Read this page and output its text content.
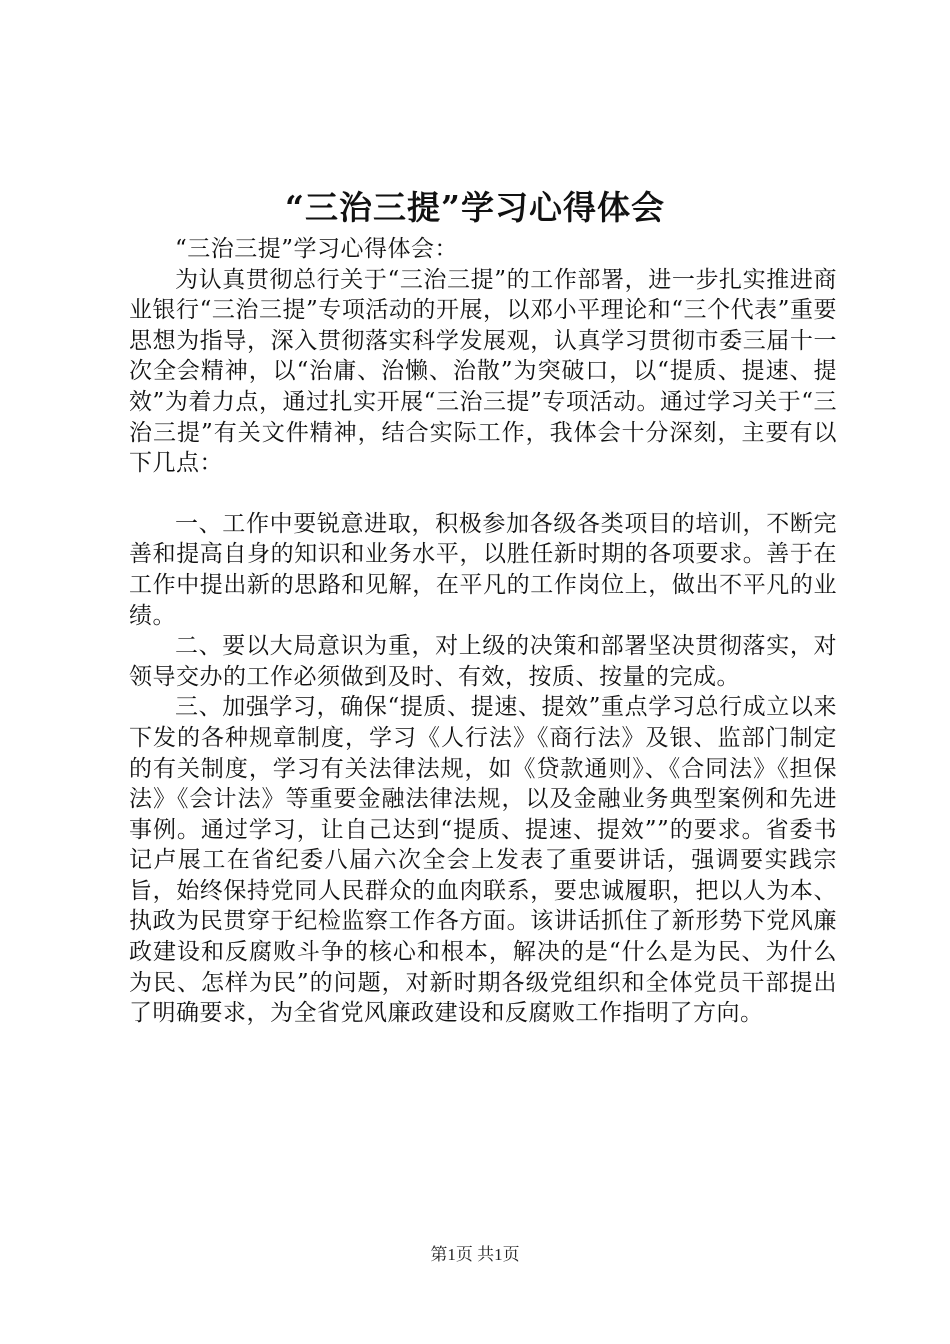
“三治三提”学习心得体会

“三治三提”学习心得体会：

为认真贯彻总行关于“三治三提”的工作部署，进一步扎实推进商业银行“三治三提”专项活动的开展，以邓小平理论和“三个代表”重要思想为指导，深入贯彻落实科学发展观，认真学习贯彻市委三届十一次全会精神，以“治庸、治懒、治散”为突破口，以“提质、提速、提效”为着力点，通过扎实开展“三治三提”专项活动。通过学习关于“三治三提”有关文件精神，结合实际工作，我体会十分深刻，主要有以下几点：

一、工作中要锐意进取，积极参加各级各类项目的培训，不断完善和提高自身的知识和业务水平，以胜任新时期的各项要求。善于在工作中提出新的思路和见解，在平凡的工作岗位上，做出不平凡的业绩。

二、要以大局意识为重，对上级的决策和部署坚决贯彻落实，对领导交办的工作必须做到及时、有效，按质、按量的完成。

三、加强学习，确保“提质、提速、提效”重点学习总行成立以来下发的各种规章制度，学习《人行法》《商行法》及银、监部门制定的有关制度，学习有关法律法规，如《贷款通则》、《合同法》《担保法》《会计法》等重要金融法律法规，以及金融业务典型案例和先进事例。通过学习，让自己达到“提质、提速、提效””的要求。省委书记卢展工在省纪委八届六次全会上发表了重要讲话，强调要实践宗旨，始终保持党同人民群众的血肉联系，要忠诚履职，把以人为本、执政为民贯穿于纪检监察工作各方面。该讲话抓住了新形势下党风廉政建设和反腐败斗争的核心和根本，解决的是“什么是为民、为什么为民、怎样为民”的问题，对新时期各级党组织和全体党员干部提出了明确要求，为全省党风廉政建设和反腐败工作指明了方向。

第1页 共1页
